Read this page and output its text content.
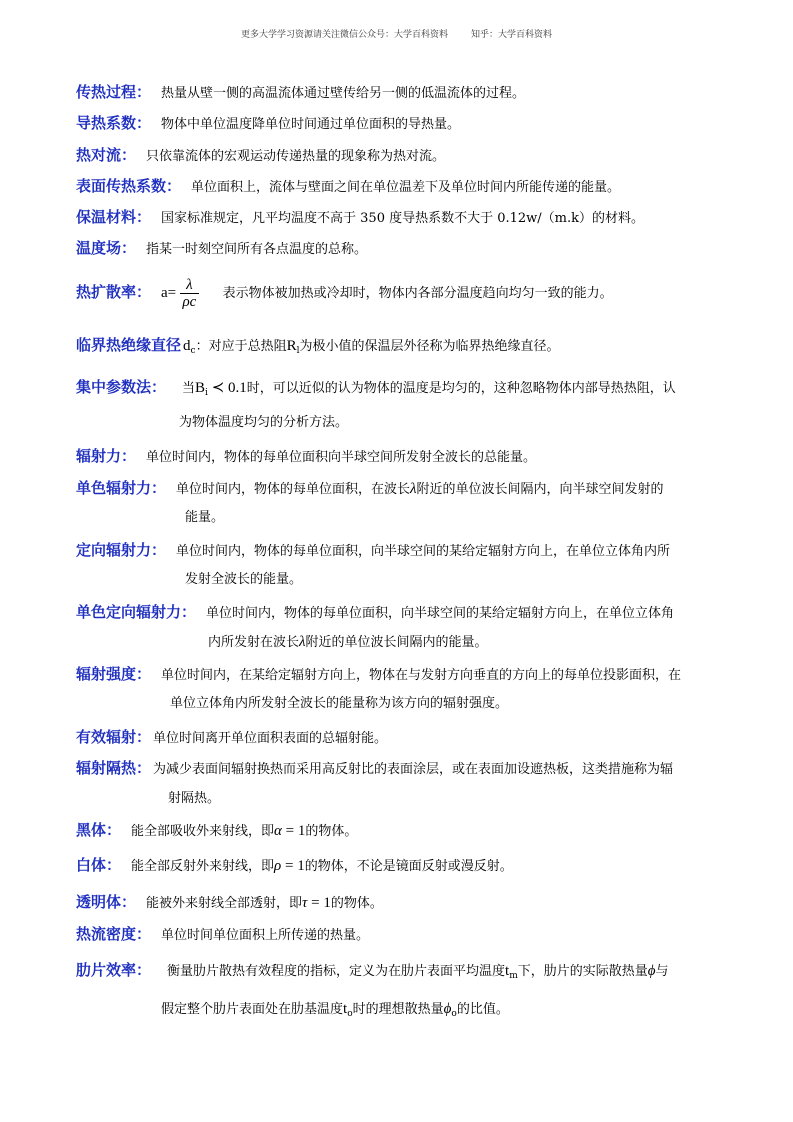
更多大学学习资源请关注微信公众号：大学百科资料	知乎：大学百科资料
传热过程： 热量从壁一侧的高温流体通过壁传给另一侧的低温流体的过程。
导热系数： 物体中单位温度降单位时间通过单位面积的导热量。
热对流： 只依靠流体的宏观运动传递热量的现象称为热对流。
表面传热系数： 单位面积上，流体与壁面之间在单位温差下及单位时间内所能传递的能量。
保温材料： 国家标准规定，凡平均温度不高于 350 度导热系数不大于 0.12w/（m.k）的材料。
温度场： 指某一时刻空间所有各点温度的总称。
热扩散率： $a= \frac{\lambda}{\rho c}$ 表示物体被加热或冷却时，物体内各部分温度趋向均匀一致的能力。
临界热绝缘直径 $d_c$：对应于总热阻$R_l$为极小值的保温层外径称为临界热绝缘直径。
集中参数法： 当$B_i$ ≺ 0.1时，可以近似的认为物体的温度是均匀的，这种忽略物体内部导热热阻，认
为物体温度均匀的分析方法。
辐射力： 单位时间内，物体的每单位面积向半球空间所发射全波长的总能量。
单色辐射力： 单位时间内，物体的每单位面积，在波长λ附近的单位波长间隔内，向半球空间发射的
能量。
定向辐射力： 单位时间内，物体的每单位面积，向半球空间的某给定辐射方向上，在单位立体角内所
发射全波长的能量。
单色定向辐射力： 单位时间内，物体的每单位面积，向半球空间的某给定辐射方向上，在单位立体角
内所发射在波长λ附近的单位波长间隔内的能量。
辐射强度： 单位时间内，在某给定辐射方向上，物体在与发射方向垂直的方向上的每单位投影面积，在
单位立体角内所发射全波长的能量称为该方向的辐射强度。
有效辐射： 单位时间离开单位面积表面的总辐射能。
辐射隔热： 为减少表面间辐射换热而采用高反射比的表面涂层，或在表面加设遮热板，这类措施称为辐
射隔热。
黑体： 能全部吸收外来射线，即α = 1的物体。
白体： 能全部反射外来射线，即ρ = 1的物体，不论是镜面反射或漫反射。
透明体： 能被外来射线全部透射，即τ = 1的物体。
热流密度： 单位时间单位面积上所传递的热量。
肋片效率： 衡量肋片散热有效程度的指标，定义为在肋片表面平均温度$t_m$下，肋片的实际散热量ϕ与
假定整个肋片表面处在肋基温度$t_o$时的理想散热量$\phi_o$的比值。
